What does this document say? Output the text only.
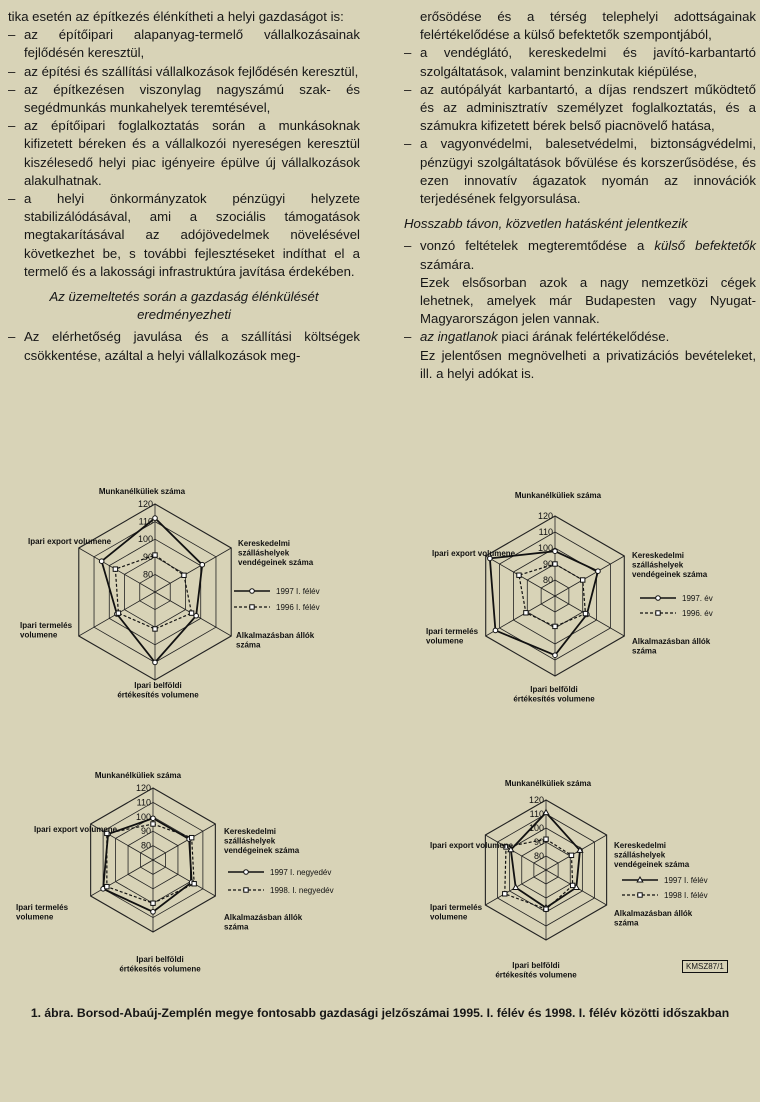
tika esetén az építkezés élénkítheti a helyi gazdaságot is:

– az építőipari alapanyag-termelő vállalkozásainak fejlődésén keresztül,
– az építési és szállítási vállalkozások fejlődésén keresztül,
– az építkezésen viszonylag nagyszámú szak- és segédmunkás munkahelyek teremtésével,
– az építőipari foglalkoztatás során a munkásoknak kifizetett béreken és a vállalkozói nyereségen keresztül kiszélesedő helyi piac igényeire épülve új vállalkozások alakulhatnak.
– a helyi önkormányzatok pénzügyi helyzete stabilizálódásával, ami a szociális támogatások megtakarításával az adójövedelmek növelésével következhet be, s további fejlesztéseket indíthat el a termelő és a lakossági infrastruktúra javítása érdekében.

Az üzemeltetés során a gazdaság élénkülését eredményezheti

– Az elérhetőség javulása és a szállítási költségek csökkentése, azáltal a helyi vállalkozások meg-

erősödése és a térség telephelyi adottságainak felértékelődése a külső befektetők szempontjából,

– a vendéglátó, kereskedelmi és javító-karbantartó szolgáltatások, valamint benzinkutak kiépülése,
– az autópályát karbantartó, a díjas rendszert működtető és az adminisztratív személyzet foglalkoztatás, és a számukra kifizetett bérek belső piacnövelő hatása,
– a vagyonvédelmi, balesetvédelmi, biztonságvédelmi, pénzügyi szolgáltatások bővülése és korszerűsödése, és ezen innovatív ágazatok nyomán az innovációk terjedésének felgyorsulása.

Hosszabb távon, közvetlen hatásként jelentkezik

– vonzó feltételek megteremtődése a külső befektetők számára.

Ezek elsősorban azok a nagy nemzetközi cégek lehetnek, amelyek már Budapesten vagy Nyugat-Magyarországon jelen vannak.

– az ingatlanok piaci árának felértékelődése.

Ez jelentősen megnövelheti a privatizációs bevételeket, ill. a helyi adókat is.

80
90
100
110
120
Munkanélküliek száma
Kereskedelmi szálláshelyek vendégeinek száma
Alkalmazásban állók száma
Ipari belföldi értékesítés volumene
Ipari termelés volumene
Ipari export volumene
1997 I. félév
1996 I. félév
80
90
100
110
120
Munkanélküliek száma
Kereskedelmi szálláshelyek vendégeinek száma
Alkalmazásban állók száma
Ipari belföldi értékesítés volumene
Ipari termelés volumene
Ipari export volumene
1997. év
1996. év
80
90
100
110
120
Munkanélküliek száma
Kereskedelmi szálláshelyek vendégeinek száma
Alkalmazásban állók száma
Ipari belföldi értékesítés volumene
Ipari termelés volumene
Ipari export volumene
1997 I. negyedév
1998. I. negyedév
80
90
100
110
120
Munkanélküliek száma
Kereskedelmi szálláshelyek vendégeinek száma
Alkalmazásban állók száma
Ipari belföldi értékesítés volumene
Ipari termelés volumene
Ipari export volumene
1997 I. félév
1998 I. félév
KMSZ87/1
1. ábra. Borsod-Abaúj-Zemplén megye fontosabb gazdasági jelzőszámai 1995. I. félév és 1998. I. félév közötti időszakban
